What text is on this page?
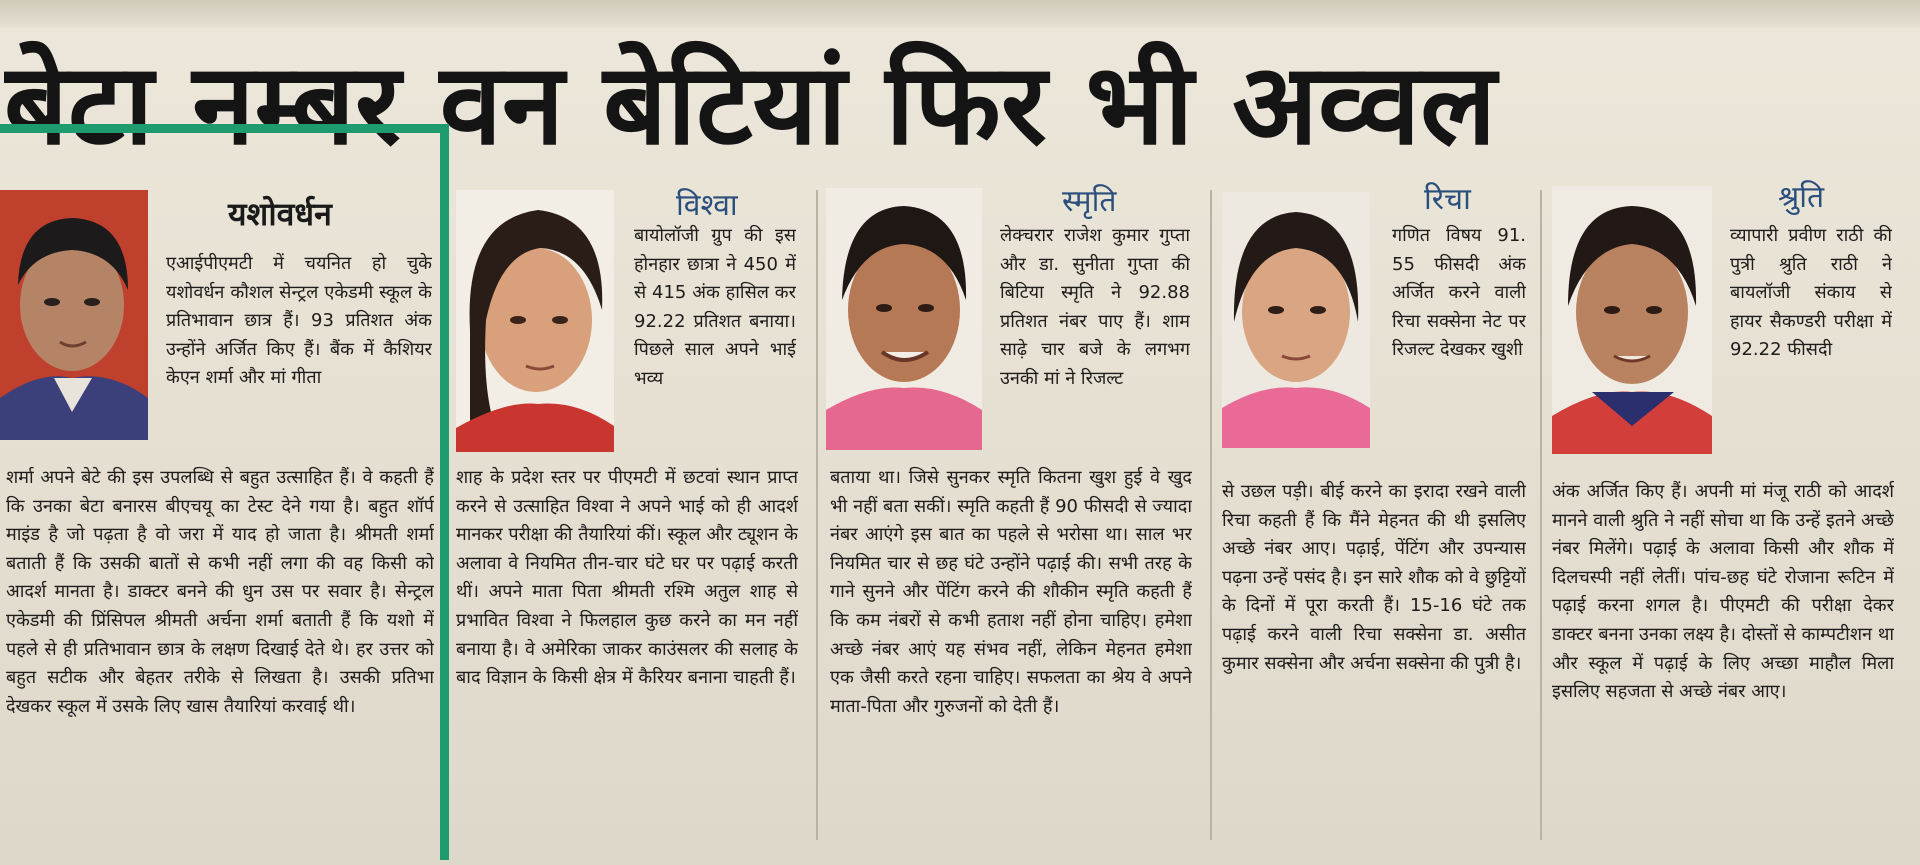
बेटा नम्बर वन बेटियां फिर भी अव्वल
यशोवर्धन
एआईपीएमटी में चयनित हो चुके यशोवर्धन कौशल सेन्ट्रल एकेडमी स्कूल के प्रतिभावान छात्र हैं। 93 प्रतिशत अंक उन्होंने अर्जित किए हैं। बैंक में कैशियर केएन शर्मा और मां गीता
शर्मा अपने बेटे की इस उपलब्धि से बहुत उत्साहित हैं। वे कहती हैं कि उनका बेटा बनारस बीएचयू का टेस्ट देने गया है। बहुत शॉर्प माइंड है जो पढ़ता है वो जरा में याद हो जाता है। श्रीमती शर्मा बताती हैं कि उसकी बातों से कभी नहीं लगा की वह किसी को आदर्श मानता है। डाक्टर बनने की धुन उस पर सवार है। सेन्ट्रल एकेडमी की प्रिंसिपल श्रीमती अर्चना शर्मा बताती हैं कि यशो में पहले से ही प्रतिभावान छात्र के लक्षण दिखाई देते थे। हर उत्तर को बहुत सटीक और बेहतर तरीके से लिखता है। उसकी प्रतिभा देखकर स्कूल में उसके लिए खास तैयारियां करवाई थी।
विश्वा
बायोलॉजी ग्रुप की इस होनहार छात्रा ने 450 में से 415 अंक हासिल कर 92.22 प्रतिशत बनाया। पिछले साल अपने भाई भव्य
शाह के प्रदेश स्तर पर पीएमटी में छटवां स्थान प्राप्त करने से उत्साहित विश्वा ने अपने भाई को ही आदर्श मानकर परीक्षा की तैयारियां कीं। स्कूल और ट्यूशन के अलावा वे नियमित तीन-चार घंटे घर पर पढ़ाई करती थीं। अपने माता पिता श्रीमती रश्मि अतुल शाह से प्रभावित विश्वा ने फिलहाल कुछ करने का मन नहीं बनाया है। वे अमेरिका जाकर काउंसलर की सलाह के बाद विज्ञान के किसी क्षेत्र में कैरियर बनाना चाहती हैं।
स्मृति
लेक्चरार राजेश कुमार गुप्ता और डा. सुनीता गुप्ता की बिटिया स्मृति ने 92.88 प्रतिशत नंबर पाए हैं। शाम साढ़े चार बजे के लगभग उनकी मां ने रिजल्ट
बताया था। जिसे सुनकर स्मृति कितना खुश हुई वे खुद भी नहीं बता सकीं। स्मृति कहती हैं 90 फीसदी से ज्यादा नंबर आएंगे इस बात का पहले से भरोसा था। साल भर नियमित चार से छह घंटे उन्होंने पढ़ाई की। सभी तरह के गाने सुनने और पेंटिंग करने की शौकीन स्मृति कहती हैं कि कम नंबरों से कभी हताश नहीं होना चाहिए। हमेशा अच्छे नंबर आएं यह संभव नहीं, लेकिन मेहनत हमेशा एक जैसी करते रहना चाहिए। सफलता का श्रेय वे अपने माता-पिता और गुरुजनों को देती हैं।
रिचा
गणित विषय 91. 55 फीसदी अंक अर्जित करने वाली रिचा सक्सेना नेट पर रिजल्ट देखकर खुशी
से उछल पड़ी। बीई करने का इरादा रखने वाली रिचा कहती हैं कि मैंने मेहनत की थी इसलिए अच्छे नंबर आए। पढ़ाई, पेंटिंग और उपन्यास पढ़ना उन्हें पसंद है। इन सारे शौक को वे छुट्टियों के दिनों में पूरा करती हैं। 15-16 घंटे तक पढ़ाई करने वाली रिचा सक्सेना डा. असीत कुमार सक्सेना और अर्चना सक्सेना की पुत्री है।
श्रुति
व्यापारी प्रवीण राठी की पुत्री श्रुति राठी ने बायलॉजी संकाय से हायर सैकण्डरी परीक्षा में 92.22 फीसदी
अंक अर्जित किए हैं। अपनी मां मंजू राठी को आदर्श मानने वाली श्रुति ने नहीं सोचा था कि उन्हें इतने अच्छे नंबर मिलेंगे। पढ़ाई के अलावा किसी और शौक में दिलचस्पी नहीं लेतीं। पांच-छह घंटे रोजाना रूटिन में पढ़ाई करना शगल है। पीएमटी की परीक्षा देकर डाक्टर बनना उनका लक्ष्य है। दोस्तों से काम्पटीशन था और स्कूल में पढ़ाई के लिए अच्छा माहौल मिला इसलिए सहजता से अच्छे नंबर आए।
